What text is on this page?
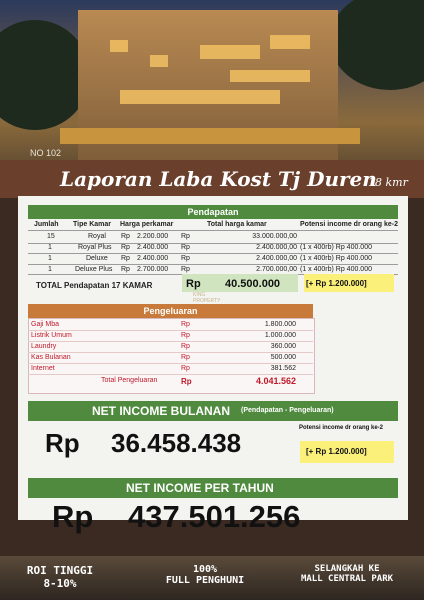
NO 102
Laporan Laba Kost Tj Duren
18 kmr
Pendapatan
Jumlah Tipe Kamar Harga perkamar	Total harga kamar	Potensi income dr orang ke-2
15	Royal Rp 2.200.000 Rp	33.000.000,00
1	Royal Plus Rp 2.400.000 Rp	2.400.000,00 (1 x 400rb) Rp 400.000
1	Deluxe Rp 2.400.000 Rp	2.400.000,00 (1 x 400rb) Rp 400.000
1	Deluxe Plus Rp 2.700.000 Rp	2.700.000,00 (1 x 400rb) Rp 400.000
TOTAL Pendapatan 17 KAMAR	Rp 40.500.000	[+ Rp 1.200.000]
KING PROPERTY
Pengeluaran
Gaji Mba	Rp	1.800.000
Listrik Umum	Rp	1.000.000
Laundry	Rp	360.000
Kas Bulanan	Rp	500.000
Internet	Rp	381.562
Total Pengeluaran	Rp	4.041.562
NET INCOME BULANAN (Pendapatan - Pengeluaran)
Rp 36.458.438	Potensi income dr orang ke-2
[+ Rp 1.200.000]
NET INCOME PER TAHUN
Rp 437.501.256
ROI TINGGI
8-10%
100%
FULL PENGHUNI
SELANGKAH KE
MALL CENTRAL PARK
